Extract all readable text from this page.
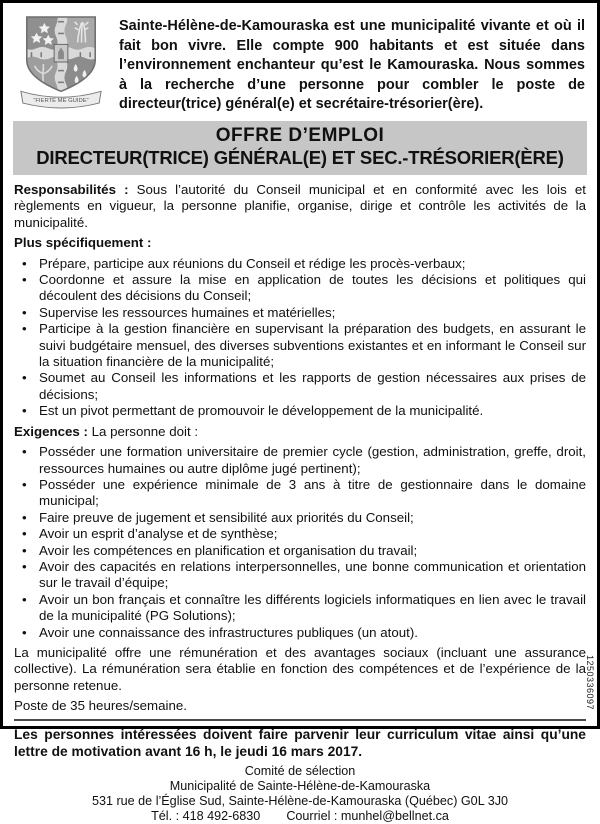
“FIERTÉ ME GUIDE”

Sainte-Hélène-de-Kamouraska est une municipalité vivante et où il fait bon vivre. Elle compte 900 habitants et est située dans l’environnement enchanteur qu’est le Kamouraska. Nous sommes à la recherche d’une personne pour combler le poste de directeur(trice) général(e) et secrétaire-trésorier(ère).

OFFRE D’EMPLOI
DIRECTEUR(TRICE) GÉNÉRAL(E) ET SEC.-TRÉSORIER(ÈRE)

Responsabilités : Sous l’autorité du Conseil municipal et en conformité avec les lois et règlements en vigueur, la personne planifie, organise, dirige et contrôle les activités de la municipalité.

Plus spécifiquement :

• Prépare, participe aux réunions du Conseil et rédige les procès-verbaux;
• Coordonne et assure la mise en application de toutes les décisions et politiques qui découlent des décisions du Conseil;
• Supervise les ressources humaines et matérielles;
• Participe à la gestion financière en supervisant la préparation des budgets, en assurant le suivi budgétaire mensuel, des diverses subventions existantes et en informant le Conseil sur la situation financière de la municipalité;
• Soumet au Conseil les informations et les rapports de gestion nécessaires aux prises de décisions;
• Est un pivot permettant de promouvoir le développement de la municipalité.

Exigences : La personne doit :

• Posséder une formation universitaire de premier cycle (gestion, administration, greffe, droit, ressources humaines ou autre diplôme jugé pertinent);
• Posséder une expérience minimale de 3 ans à titre de gestionnaire dans le domaine municipal;
• Faire preuve de jugement et sensibilité aux priorités du Conseil;
• Avoir un esprit d’analyse et de synthèse;
• Avoir les compétences en planification et organisation du travail;
• Avoir des capacités en relations interpersonnelles, une bonne communication et orientation sur le travail d’équipe;
• Avoir un bon français et connaître les différents logiciels informatiques en lien avec le travail de la municipalité (PG Solutions);
• Avoir une connaissance des infrastructures publiques (un atout).

La municipalité offre une rémunération et des avantages sociaux (incluant une assurance collective). La rémunération sera établie en fonction des compétences et de l’expérience de la personne retenue.

Poste de 35 heures/semaine.

Les personnes intéressées doivent faire parvenir leur curriculum vitae ainsi qu’une lettre de motivation avant 16 h, le jeudi 16 mars 2017.

Comité de sélection
Municipalité de Sainte-Hélène-de-Kamouraska
531 rue de l’Église Sud, Sainte-Hélène-de-Kamouraska (Québec) G0L 3J0
Tél. : 418 492-6830 Courriel : munhel@bellnet.ca
1250336097
